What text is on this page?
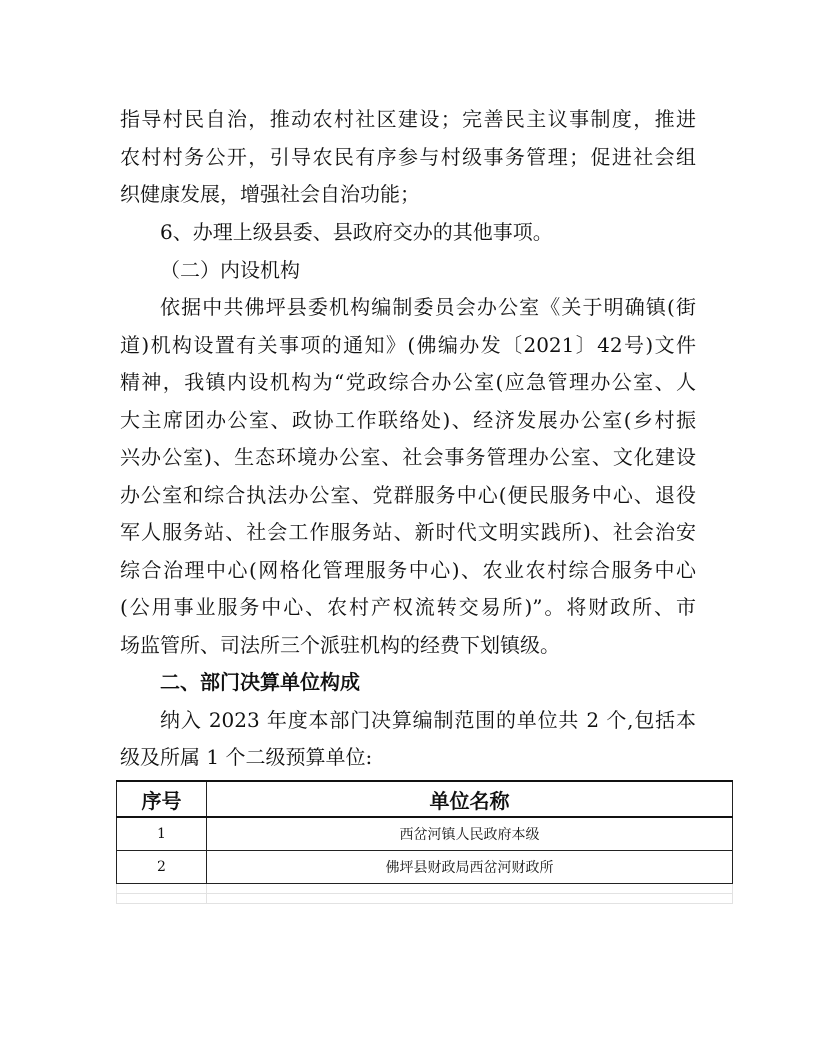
指导村民自治，推动农村社区建设；完善民主议事制度，推进
农村村务公开，引导农民有序参与村级事务管理；促进社会组
织健康发展，增强社会自治功能；
6、办理上级县委、县政府交办的其他事项。
（二）内设机构
依据中共佛坪县委机构编制委员会办公室《关于明确镇(街
道)机构设置有关事项的通知》(佛编办发〔2021〕42号)文件
精神，我镇内设机构为“党政综合办公室(应急管理办公室、人
大主席团办公室、政协工作联络处)、经济发展办公室(乡村振
兴办公室)、生态环境办公室、社会事务管理办公室、文化建设
办公室和综合执法办公室、党群服务中心(便民服务中心、退役
军人服务站、社会工作服务站、新时代文明实践所)、社会治安
综合治理中心(网格化管理服务中心)、农业农村综合服务中心
(公用事业服务中心、农村产权流转交易所)”。将财政所、市
场监管所、司法所三个派驻机构的经费下划镇级。
二、部门决算单位构成
纳入 2023 年度本部门决算编制范围的单位共 2 个,包括本
级及所属 1 个二级预算单位:
序号	单位名称
1	西岔河镇人民政府本级
2	佛坪县财政局西岔河财政所
